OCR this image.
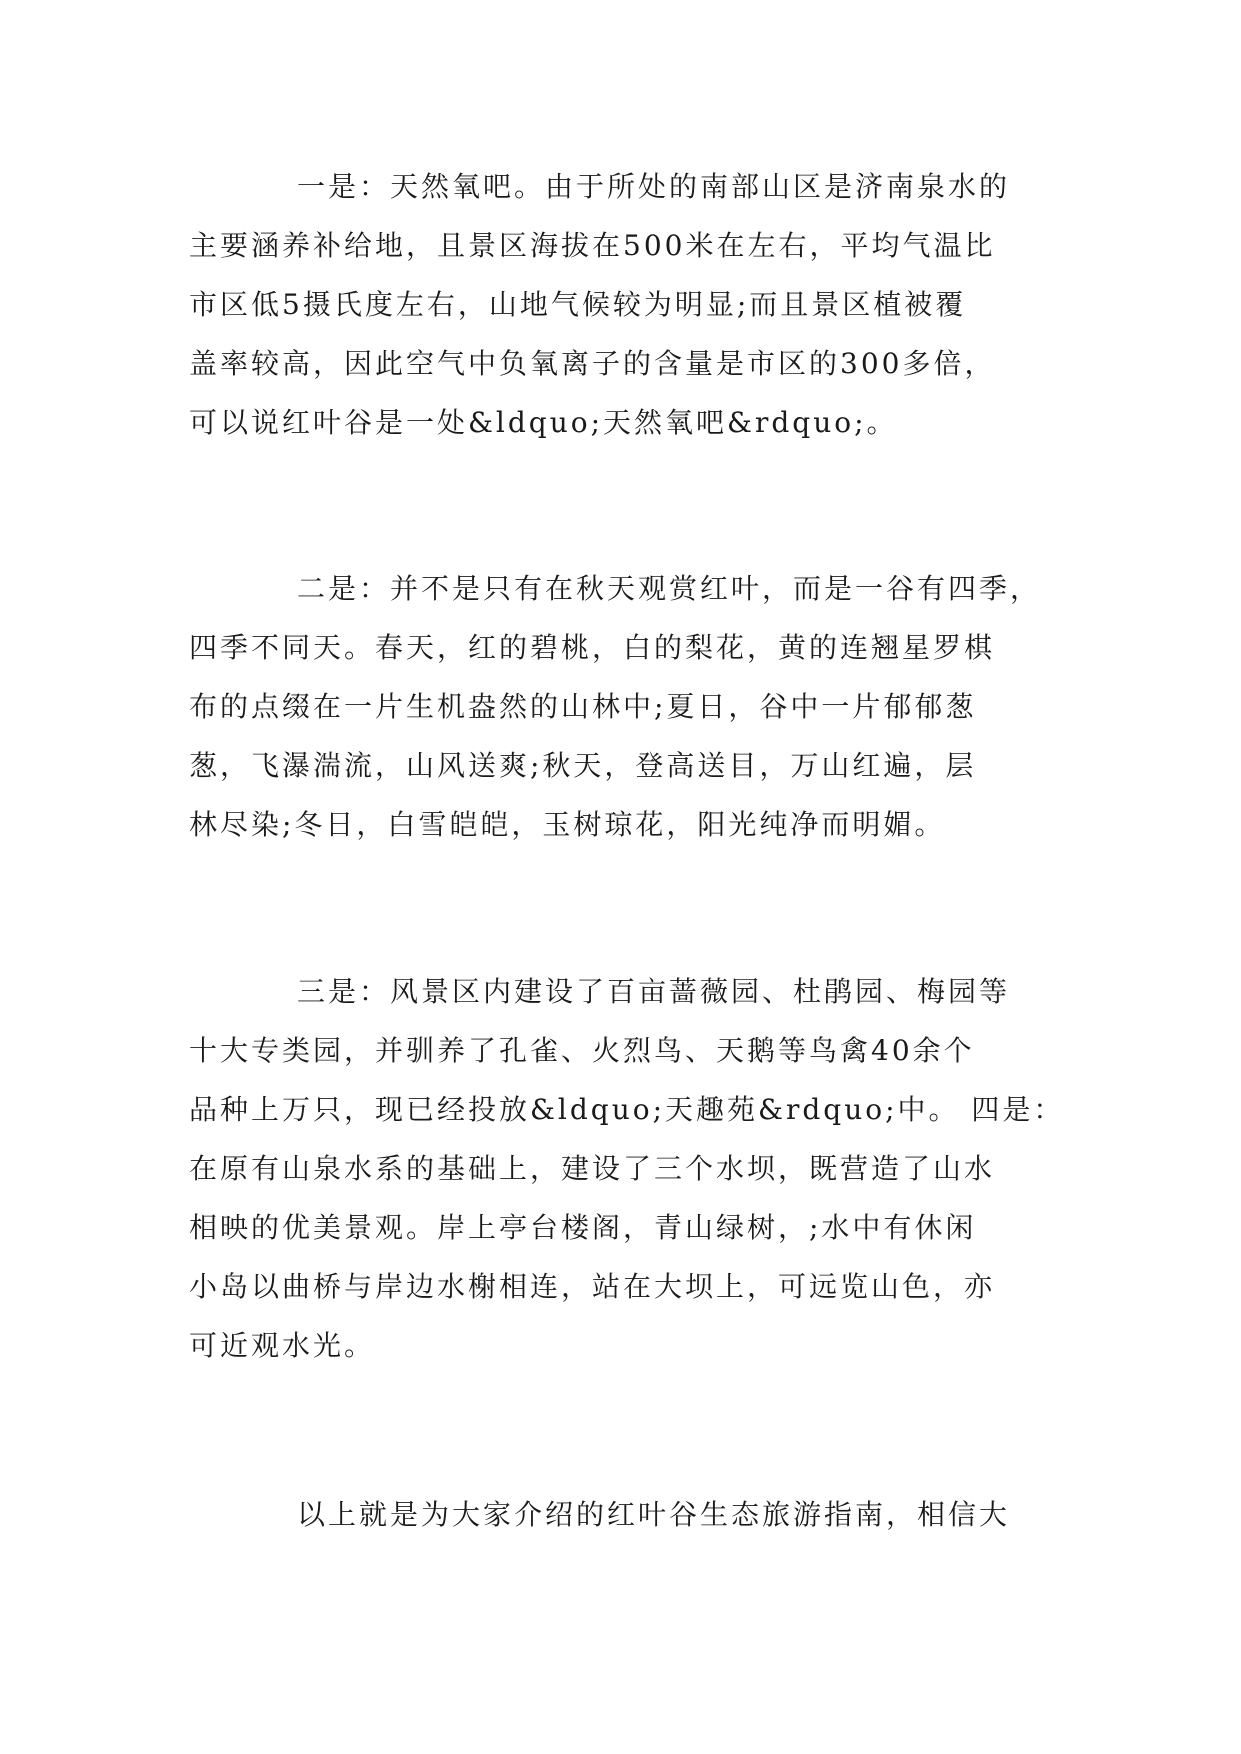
一是：天然氧吧。由于所处的南部山区是济南泉水的
主要涵养补给地，且景区海拔在500米在左右，平均气温比
市区低5摄氏度左右，山地气候较为明显;而且景区植被覆
盖率较高，因此空气中负氧离子的含量是市区的300多倍，
可以说红叶谷是一处&ldquo;天然氧吧&rdquo;。
二是：并不是只有在秋天观赏红叶，而是一谷有四季，
四季不同天。春天，红的碧桃，白的梨花，黄的连翘星罗棋
布的点缀在一片生机盎然的山林中;夏日，谷中一片郁郁葱
葱，飞瀑湍流，山风送爽;秋天，登高送目，万山红遍，层
林尽染;冬日，白雪皑皑，玉树琼花，阳光纯净而明媚。
三是：风景区内建设了百亩蔷薇园、杜鹃园、梅园等
十大专类园，并驯养了孔雀、火烈鸟、天鹅等鸟禽40余个
品种上万只，现已经投放&ldquo;天趣苑&rdquo;中。 四是：
在原有山泉水系的基础上，建设了三个水坝，既营造了山水
相映的优美景观。岸上亭台楼阁，青山绿树，;水中有休闲
小岛以曲桥与岸边水榭相连，站在大坝上，可远览山色，亦
可近观水光。
以上就是为大家介绍的红叶谷生态旅游指南，相信大
